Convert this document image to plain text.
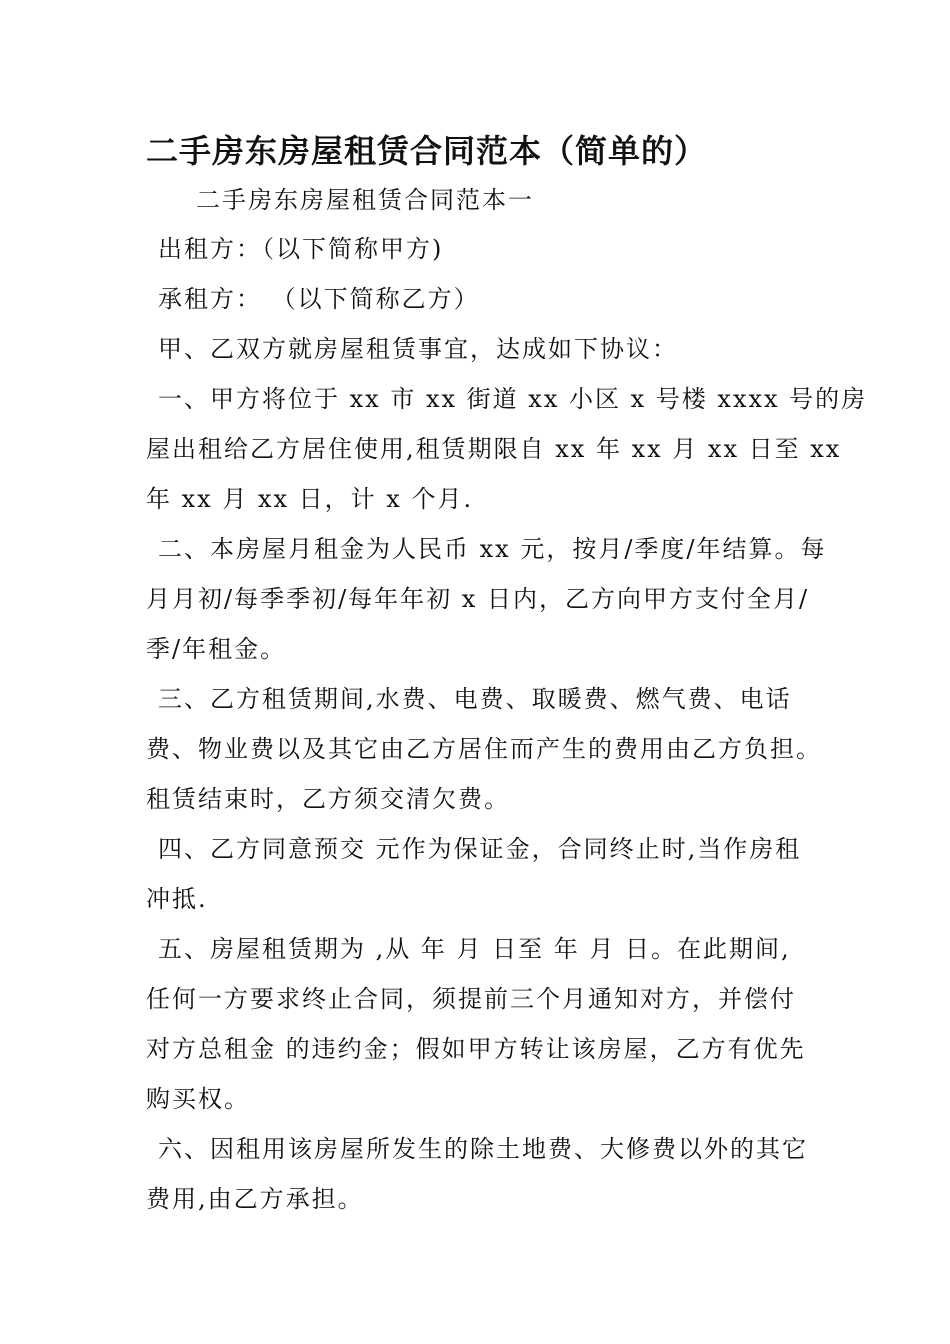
二手房东房屋租赁合同范本（简单的）
二手房东房屋租赁合同范本一
出租方：（以下简称甲方)
承租方： （以下简称乙方）
甲、乙双方就房屋租赁事宜，达成如下协议：
一、甲方将位于 xx 市 xx 街道 xx 小区 x 号楼 xxxx 号的房
屋出租给乙方居住使用,租赁期限自 xx 年 xx 月 xx 日至 xx
年 xx 月 xx 日，计 x 个月.
二、本房屋月租金为人民币 xx 元，按月/季度/年结算。每
月月初/每季季初/每年年初 x 日内，乙方向甲方支付全月/
季/年租金。
三、乙方租赁期间,水费、电费、取暖费、燃气费、电话
费、物业费以及其它由乙方居住而产生的费用由乙方负担。
租赁结束时，乙方须交清欠费。
四、乙方同意预交 元作为保证金，合同终止时,当作房租
冲抵.
五、房屋租赁期为 ,从 年 月 日至 年 月 日。在此期间,
任何一方要求终止合同，须提前三个月通知对方，并偿付
对方总租金 的违约金；假如甲方转让该房屋，乙方有优先
购买权。
六、因租用该房屋所发生的除土地费、大修费以外的其它
费用,由乙方承担。
